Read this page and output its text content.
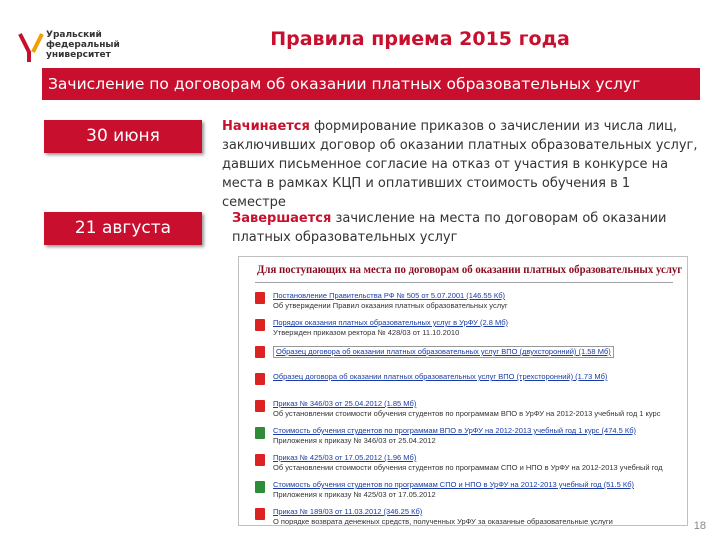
Уральский
федеральный
университет
Правила приема 2015 года
Зачисление по договорам об оказании платных образовательных услуг
30 июня	Начинается формирование приказов о зачислении из числа лиц, заключивших договор об оказании платных образовательных услуг, давших письменное согласие на отказ от участия в конкурсе на места в рамках КЦП и оплативших стоимость обучения в 1 семестре
21 августа	Завершается зачисление на места по договорам об оказании платных образовательных услуг
Для поступающих на места по договорам об оказании платных образовательных услуг
Постановление Правительства РФ № 505 от 5.07.2001 (146.55 Кб)
Об утверждении Правил оказания платных образовательных услуг
Порядок оказания платных образовательных услуг в УрФУ (2.8 Мб)
Утвержден приказом ректора № 428/03 от 11.10.2010
Образец договора об оказании платных образовательных услуг ВПО (двухсторонний) (1.58 Мб)
Образец договора об оказании платных образовательных услуг ВПО (трехсторонний) (1.73 Мб)
Приказ № 346/03 от 25.04.2012 (1.85 Мб)
Об установлении стоимости обучения студентов по программам ВПО в УрФУ на 2012-2013 учебный год 1 курс
Стоимость обучения студентов по программам ВПО в УрФУ на 2012-2013 учебный год 1 курс (474.5 Кб)
Приложения к приказу № 346/03 от 25.04.2012
Приказ № 425/03 от 17.05.2012 (1.96 Мб)
Об установлении стоимости обучения студентов по программам СПО и НПО в УрФУ на 2012-2013 учебный год
Стоимость обучения студентов по программам СПО и НПО в УрФУ на 2012-2013 учебный год (51.5 Кб)
Приложения к приказу № 425/03 от 17.05.2012
Приказ № 189/03 от 11.03.2012 (346.25 Кб)
О порядке возврата денежных средств, полученных УрФУ за оказанные образовательные услуги	18
